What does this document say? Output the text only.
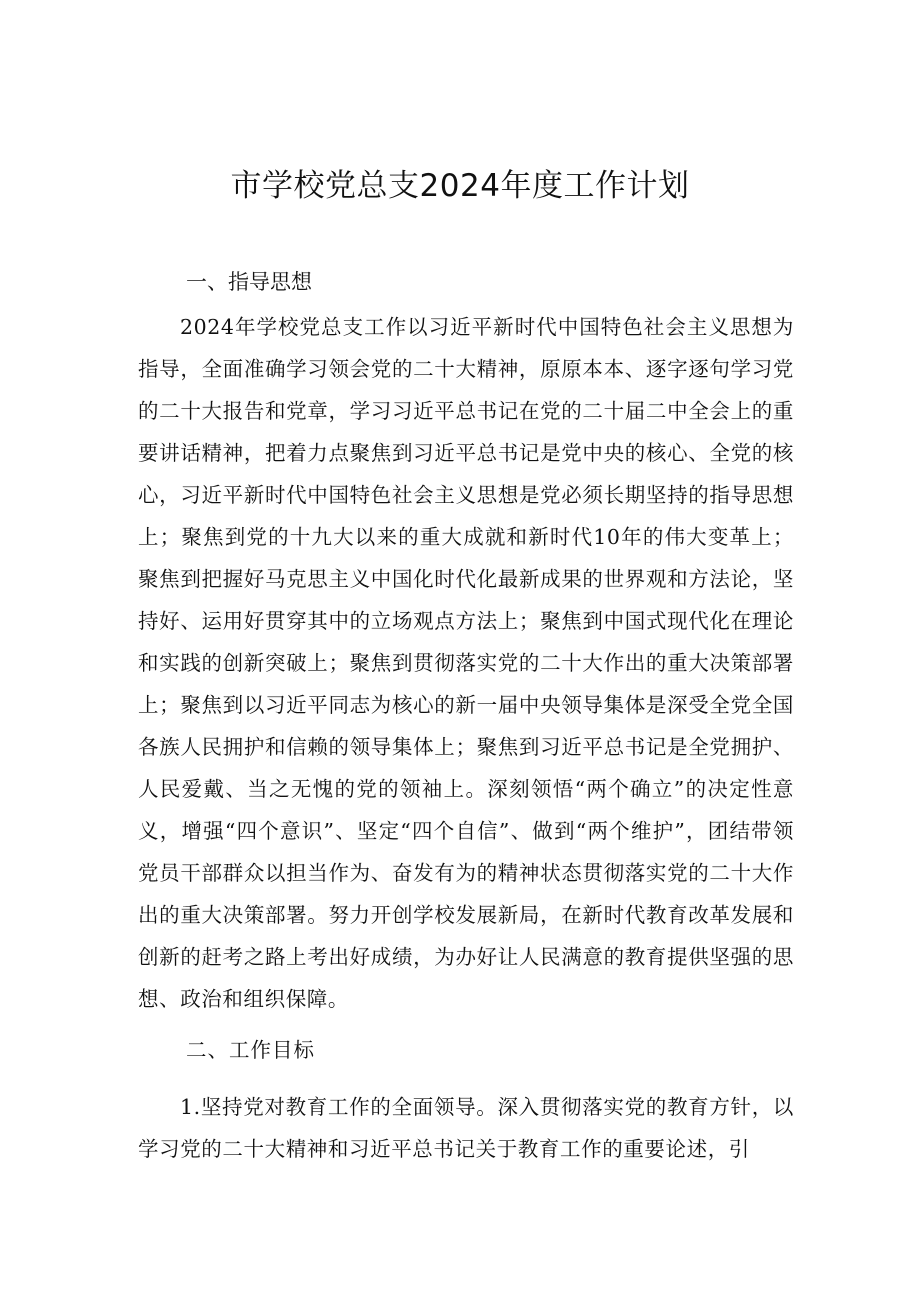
市学校党总支2024年度工作计划
一、指导思想

2024年学校党总支工作以习近平新时代中国特色社会主义思想为指导，全面准确学习领会党的二十大精神，原原本本、逐字逐句学习党的二十大报告和党章，学习习近平总书记在党的二十届二中全会上的重要讲话精神，把着力点聚焦到习近平总书记是党中央的核心、全党的核心，习近平新时代中国特色社会主义思想是党必须长期坚持的指导思想上；聚焦到党的十九大以来的重大成就和新时代10年的伟大变革上；聚焦到把握好马克思主义中国化时代化最新成果的世界观和方法论，坚持好、运用好贯穿其中的立场观点方法上；聚焦到中国式现代化在理论和实践的创新突破上；聚焦到贯彻落实党的二十大作出的重大决策部署上；聚焦到以习近平同志为核心的新一届中央领导集体是深受全党全国各族人民拥护和信赖的领导集体上；聚焦到习近平总书记是全党拥护、人民爱戴、当之无愧的党的领袖上。深刻领悟“两个确立”的决定性意义，增强“四个意识”、坚定“四个自信”、做到“两个维护”，团结带领党员干部群众以担当作为、奋发有为的精神状态贯彻落实党的二十大作出的重大决策部署。努力开创学校发展新局，在新时代教育改革发展和创新的赶考之路上考出好成绩，为办好让人民满意的教育提供坚强的思想、政治和组织保障。

二、工作目标

1.坚持党对教育工作的全面领导。深入贯彻落实党的教育方针，以学习党的二十大精神和习近平总书记关于教育工作的重要论述，引
